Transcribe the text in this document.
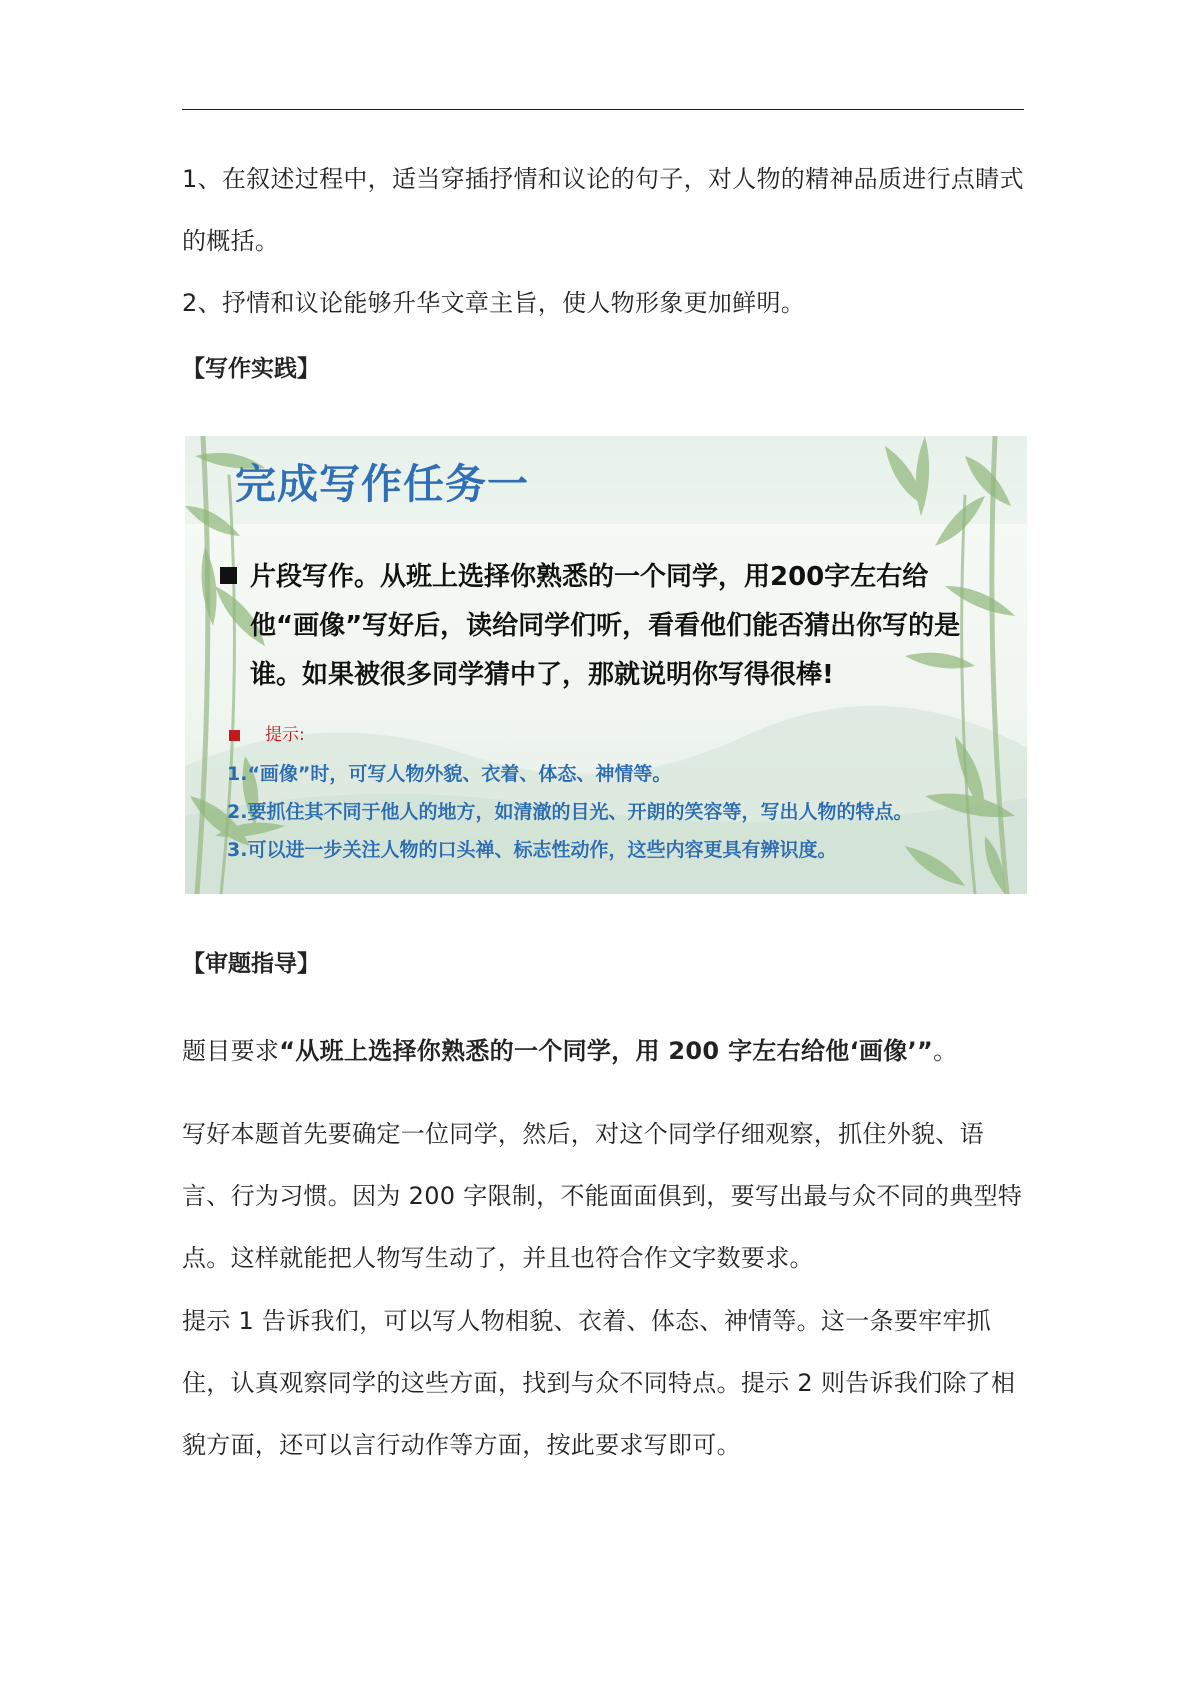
1、在叙述过程中，适当穿插抒情和议论的句子，对人物的精神品质进行点睛式的概括。

2、抒情和议论能够升华文章主旨，使人物形象更加鲜明。

【写作实践】

完成写作任务一

片段写作。从班上选择你熟悉的一个同学，用200字左右给他“画像”写好后，读给同学们听，看看他们能否猜出你写的是谁。如果被很多同学猜中了，那就说明你写得很棒!

提示:

1.“画像”时，可写人物外貌、衣着、体态、神情等。

2.要抓住其不同于他人的地方，如清澈的目光、开朗的笑容等，写出人物的特点。

3.可以进一步关注人物的口头禅、标志性动作，这些内容更具有辨识度。

【审题指导】

题目要求“从班上选择你熟悉的一个同学，用 200 字左右给他‘画像’”。

写好本题首先要确定一位同学，然后，对这个同学仔细观察，抓住外貌、语言、行为习惯。因为 200 字限制，不能面面俱到，要写出最与众不同的典型特点。这样就能把人物写生动了，并且也符合作文字数要求。

提示 1 告诉我们，可以写人物相貌、衣着、体态、神情等。这一条要牢牢抓住，认真观察同学的这些方面，找到与众不同特点。提示 2 则告诉我们除了相貌方面，还可以言行动作等方面，按此要求写即可。
